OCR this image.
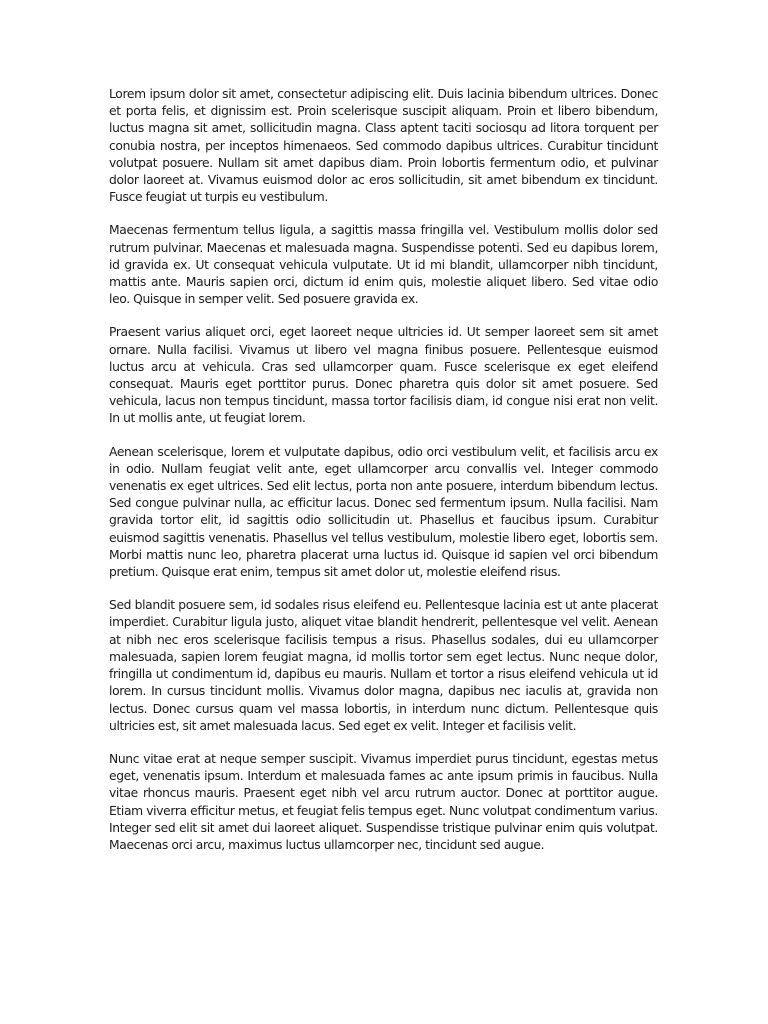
Lorem ipsum dolor sit amet, consectetur adipiscing elit. Duis lacinia bibendum ultrices. Donec et porta felis, et dignissim est. Proin scelerisque suscipit aliquam. Proin et libero bibendum, luctus magna sit amet, sollicitudin magna. Class aptent taciti sociosqu ad litora torquent per conubia nostra, per inceptos himenaeos. Sed commodo dapibus ultrices. Curabitur tincidunt volutpat posuere. Nullam sit amet dapibus diam. Proin lobortis fermentum odio, et pulvinar dolor laoreet at. Vivamus euismod dolor ac eros sollicitudin, sit amet bibendum ex tincidunt. Fusce feugiat ut turpis eu vestibulum.

Maecenas fermentum tellus ligula, a sagittis massa fringilla vel. Vestibulum mollis dolor sed rutrum pulvinar. Maecenas et malesuada magna. Suspendisse potenti. Sed eu dapibus lorem, id gravida ex. Ut consequat vehicula vulputate. Ut id mi blandit, ullamcorper nibh tincidunt, mattis ante. Mauris sapien orci, dictum id enim quis, molestie aliquet libero. Sed vitae odio leo. Quisque in semper velit. Sed posuere gravida ex.

Praesent varius aliquet orci, eget laoreet neque ultricies id. Ut semper laoreet sem sit amet ornare. Nulla facilisi. Vivamus ut libero vel magna finibus posuere. Pellentesque euismod luctus arcu at vehicula. Cras sed ullamcorper quam. Fusce scelerisque ex eget eleifend consequat. Mauris eget porttitor purus. Donec pharetra quis dolor sit amet posuere. Sed vehicula, lacus non tempus tincidunt, massa tortor facilisis diam, id congue nisi erat non velit. In ut mollis ante, ut feugiat lorem.

Aenean scelerisque, lorem et vulputate dapibus, odio orci vestibulum velit, et facilisis arcu ex in odio. Nullam feugiat velit ante, eget ullamcorper arcu convallis vel. Integer commodo venenatis ex eget ultrices. Sed elit lectus, porta non ante posuere, interdum bibendum lectus. Sed congue pulvinar nulla, ac efficitur lacus. Donec sed fermentum ipsum. Nulla facilisi. Nam gravida tortor elit, id sagittis odio sollicitudin ut. Phasellus et faucibus ipsum. Curabitur euismod sagittis venenatis. Phasellus vel tellus vestibulum, molestie libero eget, lobortis sem. Morbi mattis nunc leo, pharetra placerat urna luctus id. Quisque id sapien vel orci bibendum pretium. Quisque erat enim, tempus sit amet dolor ut, molestie eleifend risus.

Sed blandit posuere sem, id sodales risus eleifend eu. Pellentesque lacinia est ut ante placerat imperdiet. Curabitur ligula justo, aliquet vitae blandit hendrerit, pellentesque vel velit. Aenean at nibh nec eros scelerisque facilisis tempus a risus. Phasellus sodales, dui eu ullamcorper malesuada, sapien lorem feugiat magna, id mollis tortor sem eget lectus. Nunc neque dolor, fringilla ut condimentum id, dapibus eu mauris. Nullam et tortor a risus eleifend vehicula ut id lorem. In cursus tincidunt mollis. Vivamus dolor magna, dapibus nec iaculis at, gravida non lectus. Donec cursus quam vel massa lobortis, in interdum nunc dictum. Pellentesque quis ultricies est, sit amet malesuada lacus. Sed eget ex velit. Integer et facilisis velit.

Nunc vitae erat at neque semper suscipit. Vivamus imperdiet purus tincidunt, egestas metus eget, venenatis ipsum. Interdum et malesuada fames ac ante ipsum primis in faucibus. Nulla vitae rhoncus mauris. Praesent eget nibh vel arcu rutrum auctor. Donec at porttitor augue. Etiam viverra efficitur metus, et feugiat felis tempus eget. Nunc volutpat condimentum varius. Integer sed elit sit amet dui laoreet aliquet. Suspendisse tristique pulvinar enim quis volutpat. Maecenas orci arcu, maximus luctus ullamcorper nec, tincidunt sed augue.
